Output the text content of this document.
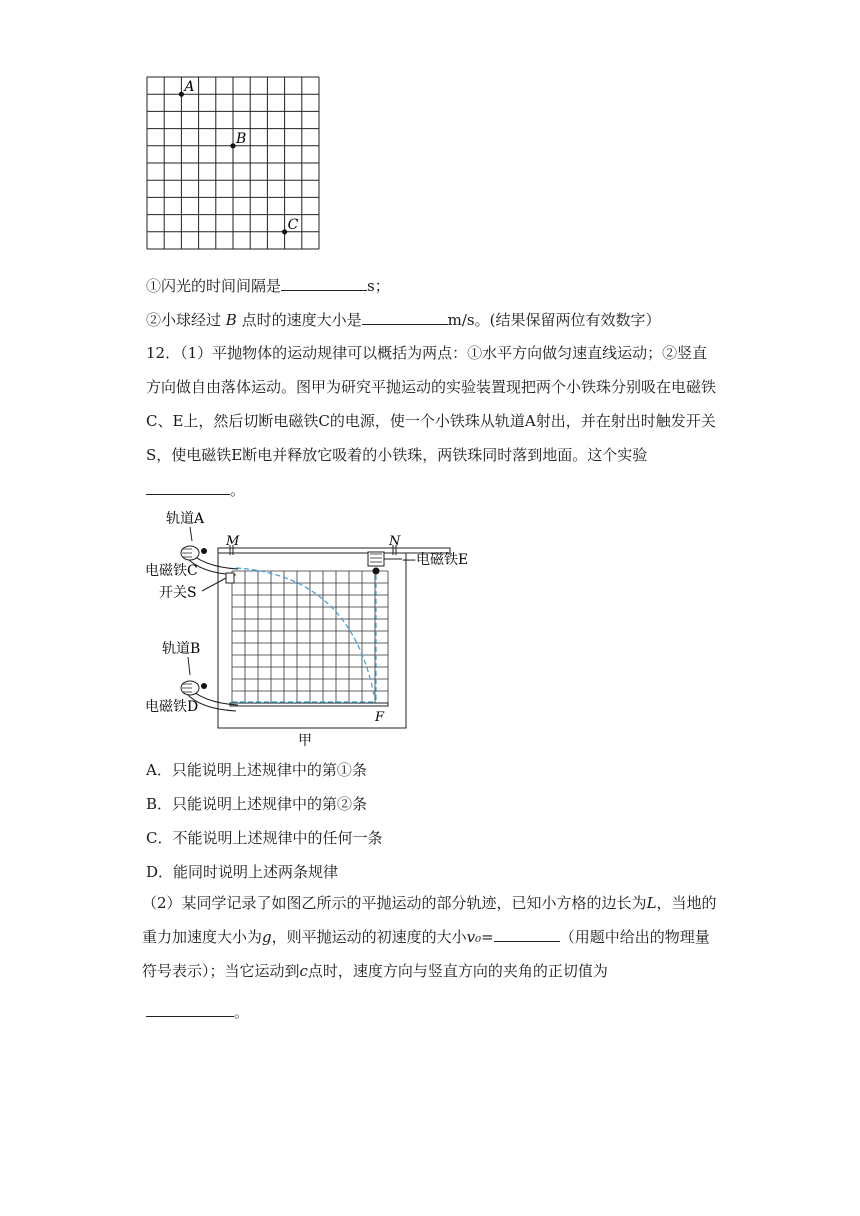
A
B
C
①闪光的时间间隔是	s；
②小球经过 B 点时的速度大小是	m/s。(结果保留两位有效数字）
12．（1）平抛物体的运动规律可以概括为两点：①水平方向做匀速直线运动；②竖直方向做自由落体运动。图甲为研究平抛运动的实验装置现把两个小铁珠分别吸在电磁铁C、E上，然后切断电磁铁C的电源，使一个小铁珠从轨道A射出，并在射出时触发开关S，使电磁铁E断电并释放它吸着的小铁珠，两铁珠同时落到地面。这个实验
。
M	N
—电磁铁E
F
轨道A
电磁铁C
开关S
轨道B
电磁铁D
甲
A．只能说明上述规律中的第①条
B．只能说明上述规律中的第②条
C．不能说明上述规律中的任何一条
D．能同时说明上述两条规律
（2）某同学记录了如图乙所示的平抛运动的部分轨迹，已知小方格的边长为L，当地的重力加速度大小为g，则平抛运动的初速度的大小v₀=	（用题中给出的物理量符号表示）；当它运动到c点时，速度方向与竖直方向的夹角的正切值为
。
